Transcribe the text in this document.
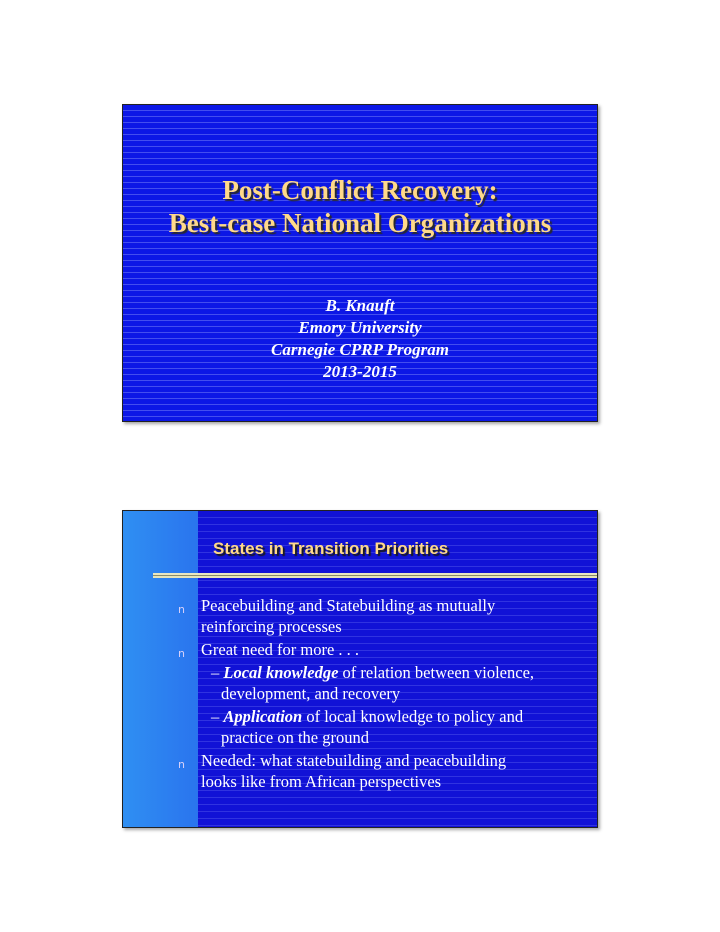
Post-Conflict Recovery:
Best-case National Organizations

B. Knauft

Emory University

Carnegie CPRP Program

2013-2015

States in Transition Priorities

n Peacebuilding and Statebuilding as mutually
reinforcing processes

n Great need for more . . .

– Local knowledge of relation between violence,
development, and recovery

– Application of local knowledge to policy and
practice on the ground

n Needed: what statebuilding and peacebuilding
looks like from African perspectives
